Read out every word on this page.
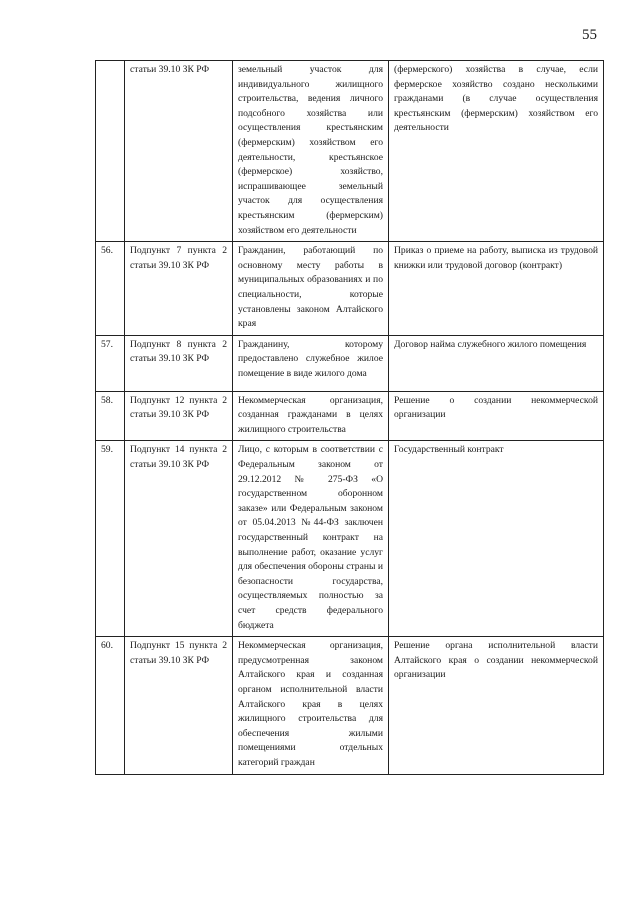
55
	статьи 39.10 ЗК РФ	земельный участок для индивидуального жилищного строительства, ведения личного подсобного хозяйства или осуществления крестьянским (фермерским) хозяйством его деятельности, крестьянское (фермерское) хозяйство, испрашивающее земельный участок для осуществления крестьянским (фермерским) хозяйством его деятельности	(фермерского) хозяйства в случае, если фермерское хозяйство создано несколькими гражданами (в случае осуществления крестьянским (фермерским) хозяйством его деятельности
56.	Подпункт 7 пункта 2 статьи 39.10 ЗК РФ	Гражданин, работающий по основному месту работы в муниципальных образованиях и по специальности, которые установлены законом Алтайского края	Приказ о приеме на работу, выписка из трудовой книжки или трудовой договор (контракт)
57.	Подпункт 8 пункта 2 статьи 39.10 ЗК РФ	Гражданину, которому предоставлено служебное жилое помещение в виде жилого дома	Договор найма служебного жилого помещения
58.	Подпункт 12 пункта 2 статьи 39.10 ЗК РФ	Некоммерческая организация, созданная гражданами в целях жилищного строительства	Решение о создании некоммерческой организации
59.	Подпункт 14 пункта 2 статьи 39.10 ЗК РФ	Лицо, с которым в соответствии с Федеральным законом от 29.12.2012 № 275-ФЗ «О государственном оборонном заказе» или Федеральным законом от 05.04.2013 №44-ФЗ заключен государственный контракт на выполнение работ, оказание услуг для обеспечения обороны страны и безопасности государства, осуществляемых полностью за счет средств федерального бюджета	Государственный контракт
60.	Подпункт 15 пункта 2 статьи 39.10 ЗК РФ	Некоммерческая организация, предусмотренная законом Алтайского края и созданная органом исполнительной власти Алтайского края в целях жилищного строительства для обеспечения жилыми помещениями отдельных категорий граждан	Решение органа исполнительной власти Алтайского края о создании некоммерческой организации
